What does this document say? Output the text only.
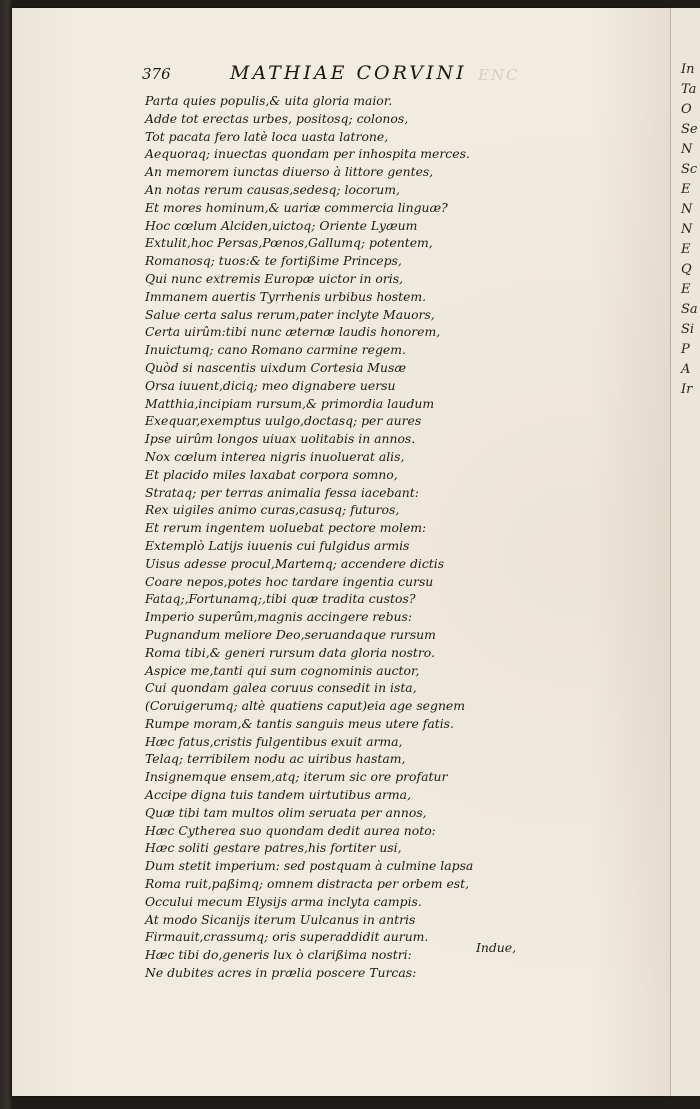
376	MATHIAE CORVINI ENC
Parta quies populis,& uita gloria maior.
Adde tot erectas urbes, positosq; colonos,
Tot pacata fero latè loca uasta latrone,
Aequoraq; inuectas quondam per inhospita merces.
An memorem iunctas diuerso à littore gentes,
An notas rerum causas,sedesq; locorum,
Et mores hominum,& uariæ commercia linguæ?
Hoc cœlum Alciden,uictoq; Oriente Lyæum
Extulit,hoc Persas,Pœnos,Gallumq; potentem,
Romanosq; tuos:& te fortißime Princeps,
Qui nunc extremis Europæ uictor in oris,
Immanem auertis Tyrrhenis urbibus hostem.
Salue certa salus rerum,pater inclyte Mauors,
Certa uirûm:tibi nunc æternæ laudis honorem,
Inuictumq; cano Romano carmine regem.
Quòd si nascentis uixdum Cortesia Musæ
Orsa iuuent,diciq; meo dignabere uersu
Matthia,incipiam rursum,& primordia laudum
Exequar,exemptus uulgo,doctasq; per aures
Ipse uirûm longos uiuax uolitabis in annos.
Nox cœlum interea nigris inuoluerat alis,
Et placido miles laxabat corpora somno,
Strataq; per terras animalia fessa iacebant:
Rex uigiles animo curas,casusq; futuros,
Et rerum ingentem uoluebat pectore molem:
Extemplò Latijs iuuenis cui fulgidus armis
Uisus adesse procul,Martemq; accendere dictis
Coare nepos,potes hoc tardare ingentia cursu
Fataq;,Fortunamq;,tibi quæ tradita custos?
Imperio superûm,magnis accingere rebus:
Pugnandum meliore Deo,seruandaque rursum
Roma tibi,& generi rursum data gloria nostro.
Aspice me,tanti qui sum cognominis auctor,
Cui quondam galea coruus consedit in ista,
(Coruigerumq; altè quatiens caput)eia age segnem
Rumpe moram,& tantis sanguis meus utere fatis.
Hæc fatus,cristis fulgentibus exuit arma,
Telaq; terribilem nodu ac uiribus hastam,
Insignemque ensem,atq; iterum sic ore profatur
Accipe digna tuis tandem uirtutibus arma,
Quæ tibi tam multos olim seruata per annos,
Hæc Cytherea suo quondam dedit aurea noto:
Hæc soliti gestare patres,his fortiter usi,
Dum stetit imperium: sed postquam à culmine lapsa
Roma ruit,paßimq; omnem distracta per orbem est,
Occului mecum Elysijs arma inclyta campis.
At modo Sicanijs iterum Uulcanus in antris
Firmauit,crassumq; oris superaddidit aurum.
Hæc tibi do,generis lux ò clarißima nostri:
Ne dubites acres in prælia poscere Turcas:
Indue,
In
Ta
O
Se
N
Sc
E
N
N
E
Q
E
Sa
Si
P
A
Ir
